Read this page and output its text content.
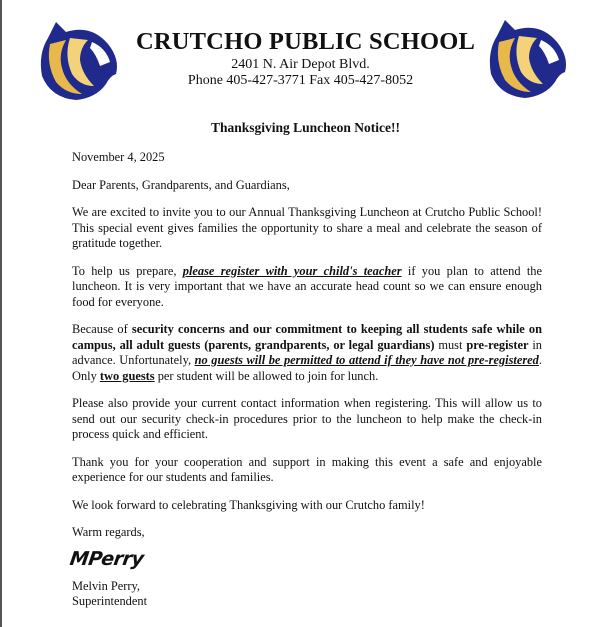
CRUTCHO PUBLIC SCHOOL
2401 N. Air Depot Blvd.
Phone 405-427-3771 Fax 405-427-8052
Thanksgiving Luncheon Notice!!

November 4, 2025

Dear Parents, Grandparents, and Guardians,

We are excited to invite you to our Annual Thanksgiving Luncheon at Crutcho Public School! This special event gives families the opportunity to share a meal and celebrate the season of gratitude together.

To help us prepare, please register with your child's teacher if you plan to attend the luncheon. It is very important that we have an accurate head count so we can ensure enough food for everyone.

Because of security concerns and our commitment to keeping all students safe while on campus, all adult guests (parents, grandparents, or legal guardians) must pre-register in advance. Unfortunately, no guests will be permitted to attend if they have not pre-registered. Only two guests per student will be allowed to join for lunch.

Please also provide your current contact information when registering. This will allow us to send out our security check-in procedures prior to the luncheon to help make the check-in process quick and efficient.

Thank you for your cooperation and support in making this event a safe and enjoyable experience for our students and families.

We look forward to celebrating Thanksgiving with our Crutcho family!

Warm regards,

MPerry

Melvin Perry,

Superintendent
